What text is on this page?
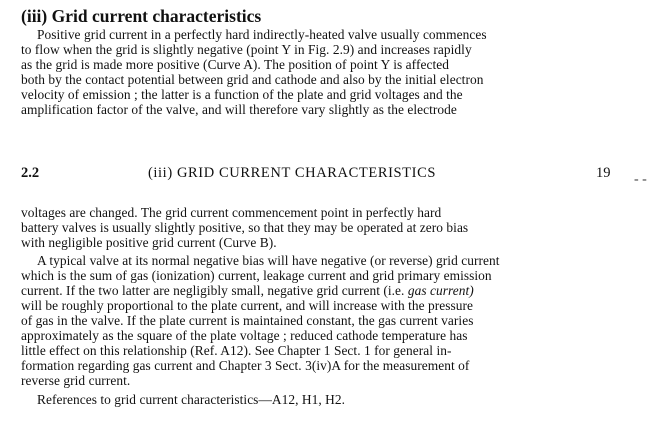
(iii) Grid current characteristics
Positive grid current in a perfectly hard indirectly-heated valve usually commences
to flow when the grid is slightly negative (point Y in Fig. 2.9) and increases rapidly
as the grid is made more positive (Curve A). The position of point Y is affected
both by the contact potential between grid and cathode and also by the initial electron
velocity of emission ; the latter is a function of the plate and grid voltages and the
amplification factor of the valve, and will therefore vary slightly as the electrode
2.2	(iii) GRID CURRENT CHARACTERISTICS	19 - -
voltages are changed. The grid current commencement point in perfectly hard
battery valves is usually slightly positive, so that they may be operated at zero bias
with negligible positive grid current (Curve B).
A typical valve at its normal negative bias will have negative (or reverse) grid current
which is the sum of gas (ionization) current, leakage current and grid primary emission
current. If the two latter are negligibly small, negative grid current (i.e. gas current)
will be roughly proportional to the plate current, and will increase with the pressure
of gas in the valve. If the plate current is maintained constant, the gas current varies
approximately as the square of the plate voltage ; reduced cathode temperature has
little effect on this relationship (Ref. A12). See Chapter 1 Sect. 1 for general in-
formation regarding gas current and Chapter 3 Sect. 3(iv)A for the measurement of
reverse grid current.
References to grid current characteristics—A12, H1, H2.
